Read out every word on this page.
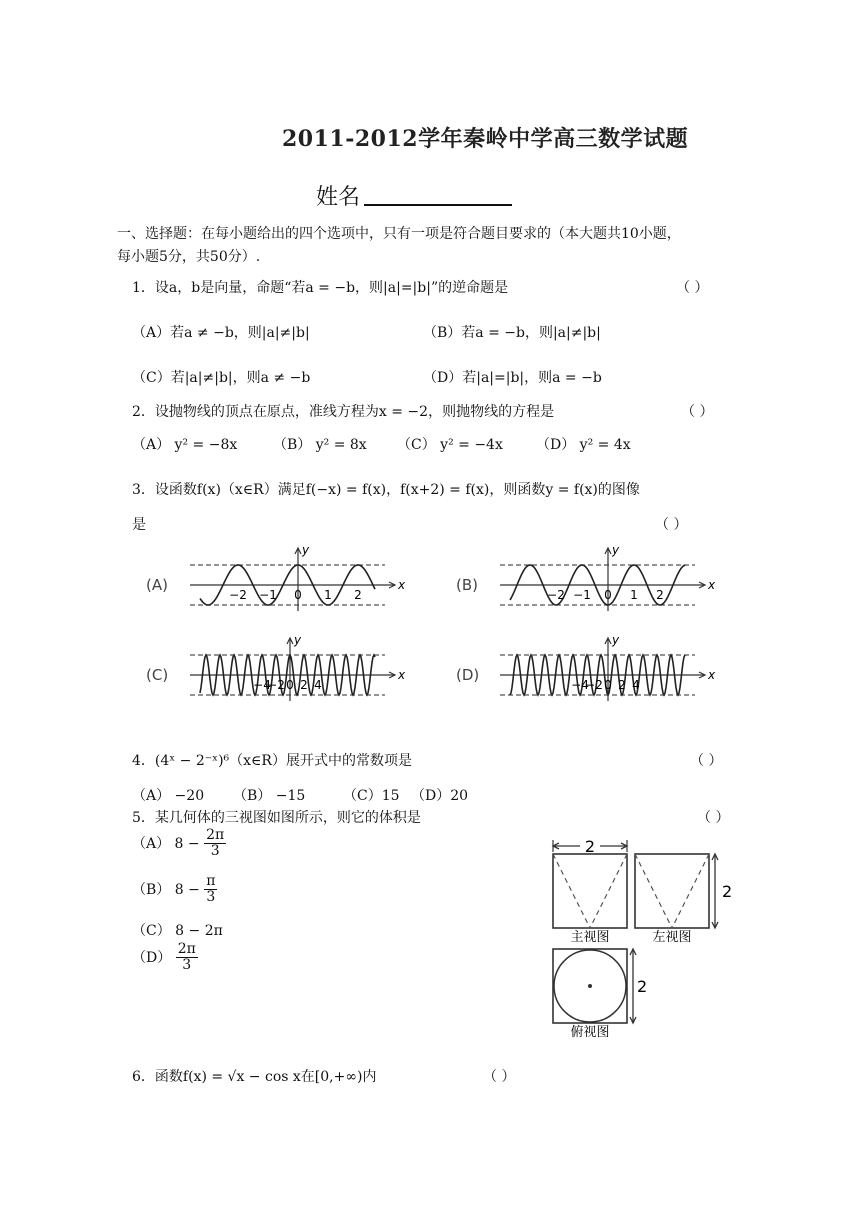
2011-2012学年秦岭中学高三数学试题
姓名
一、选择题：在每小题给出的四个选项中，只有一项是符合题目要求的（本大题共10小题，
每小题5分，共50分）.
1．设a，b是向量，命题“若a = −b，则|a|=|b|”的逆命题是	（ ）
（A）若a ≠ −b，则|a|≠|b|	（B）若a = −b，则|a|≠|b|
（C）若|a|≠|b|，则a ≠ −b	（D）若|a|=|b|，则a = −b
2．设抛物线的顶点在原点，准线方程为x = −2，则抛物线的方程是	（ ）
（A） y² = −8x	（B） y² = 8x （C） y² = −4x （D） y² = 4x
3．设函数f(x)（x∈R）满足f(−x) = f(x)，f(x+2) = f(x)，则函数y = f(x)的图像
是	（ ）
(A)	x
y
−2 −1 0 1 2
(B)	x
y
−2 −1 0 1 2
(C)	x
y
−4
−2 0 2 4
(D)	x
y
−4
−2 0 2 4
4．(4ˣ − 2⁻ˣ)⁶（x∈R）展开式中的常数项是	（ ）
（A） −20 （B） −15	（C）15 （D）20
5．某几何体的三视图如图所示，则它的体积是	（ ）
（A） $8 - \frac{2\pi}{3}$
（B） $8 - \frac{\pi}{3}$
（C） 8 − 2π
$(D) \frac{2\pi}{3}$
2
主视图	左视图
2
俯视图
2
6．函数f(x) = √x − cos x在[0,+∞)内	（ ）
